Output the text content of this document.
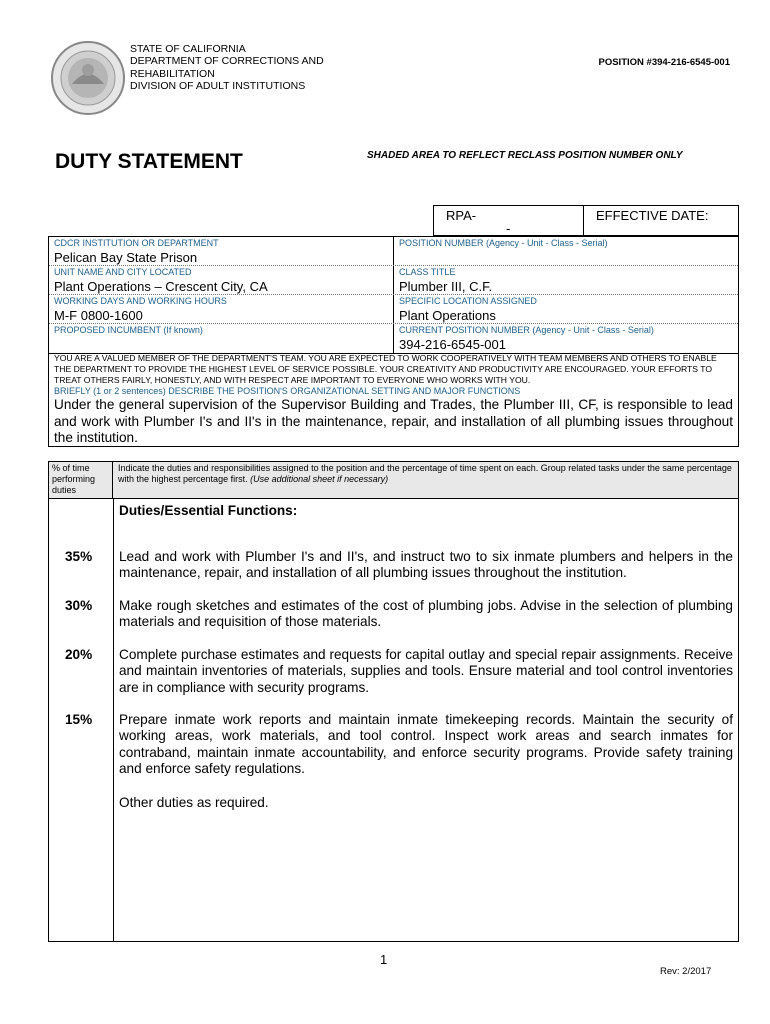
STATE OF CALIFORNIA
DEPARTMENT OF CORRECTIONS AND
REHABILITATION
DIVISION OF ADULT INSTITUTIONS
POSITION #394-216-6545-001
DUTY STATEMENT	SHADED AREA TO REFLECT RECLASS POSITION NUMBER ONLY
RPA-
-
EFFECTIVE DATE:
CDCR INSTITUTION OR DEPARTMENT
Pelican Bay State Prison
POSITION NUMBER (Agency - Unit - Class - Serial)
UNIT NAME AND CITY LOCATED
Plant Operations – Crescent City, CA
CLASS TITLE
Plumber III, C.F.
WORKING DAYS AND WORKING HOURS
M-F 0800-1600
SPECIFIC LOCATION ASSIGNED
Plant Operations
PROPOSED INCUMBENT (If known)	CURRENT POSITION NUMBER (Agency - Unit - Class - Serial)
394-216-6545-001
YOU ARE A VALUED MEMBER OF THE DEPARTMENT'S TEAM. YOU ARE EXPECTED TO WORK COOPERATIVELY WITH TEAM MEMBERS AND OTHERS TO ENABLE THE DEPARTMENT TO PROVIDE THE HIGHEST LEVEL OF SERVICE POSSIBLE. YOUR CREATIVITY AND PRODUCTIVITY ARE ENCOURAGED. YOUR EFFORTS TO TREAT OTHERS FAIRLY, HONESTLY, AND WITH RESPECT ARE IMPORTANT TO EVERYONE WHO WORKS WITH YOU.
BRIEFLY (1 or 2 sentences) DESCRIBE THE POSITION'S ORGANIZATIONAL SETTING AND MAJOR FUNCTIONS
Under the general supervision of the Supervisor Building and Trades, the Plumber III, CF, is responsible to lead and work with Plumber I's and II's in the maintenance, repair, and installation of all plumbing issues throughout the institution.
% of time performing duties
Indicate the duties and responsibilities assigned to the position and the percentage of time spent on each. Group related tasks under the same percentage with the highest percentage first. (Use additional sheet if necessary)
Duties/Essential Functions:
35% Lead and work with Plumber I's and II's, and instruct two to six inmate plumbers and helpers in the maintenance, repair, and installation of all plumbing issues throughout the institution.
30% Make rough sketches and estimates of the cost of plumbing jobs. Advise in the selection of plumbing materials and requisition of those materials.
20% Complete purchase estimates and requests for capital outlay and special repair assignments. Receive and maintain inventories of materials, supplies and tools. Ensure material and tool control inventories are in compliance with security programs.
15% Prepare inmate work reports and maintain inmate timekeeping records. Maintain the security of working areas, work materials, and tool control. Inspect work areas and search inmates for contraband, maintain inmate accountability, and enforce security programs. Provide safety training and enforce safety regulations.
Other duties as required.
1
Rev: 2/2017
